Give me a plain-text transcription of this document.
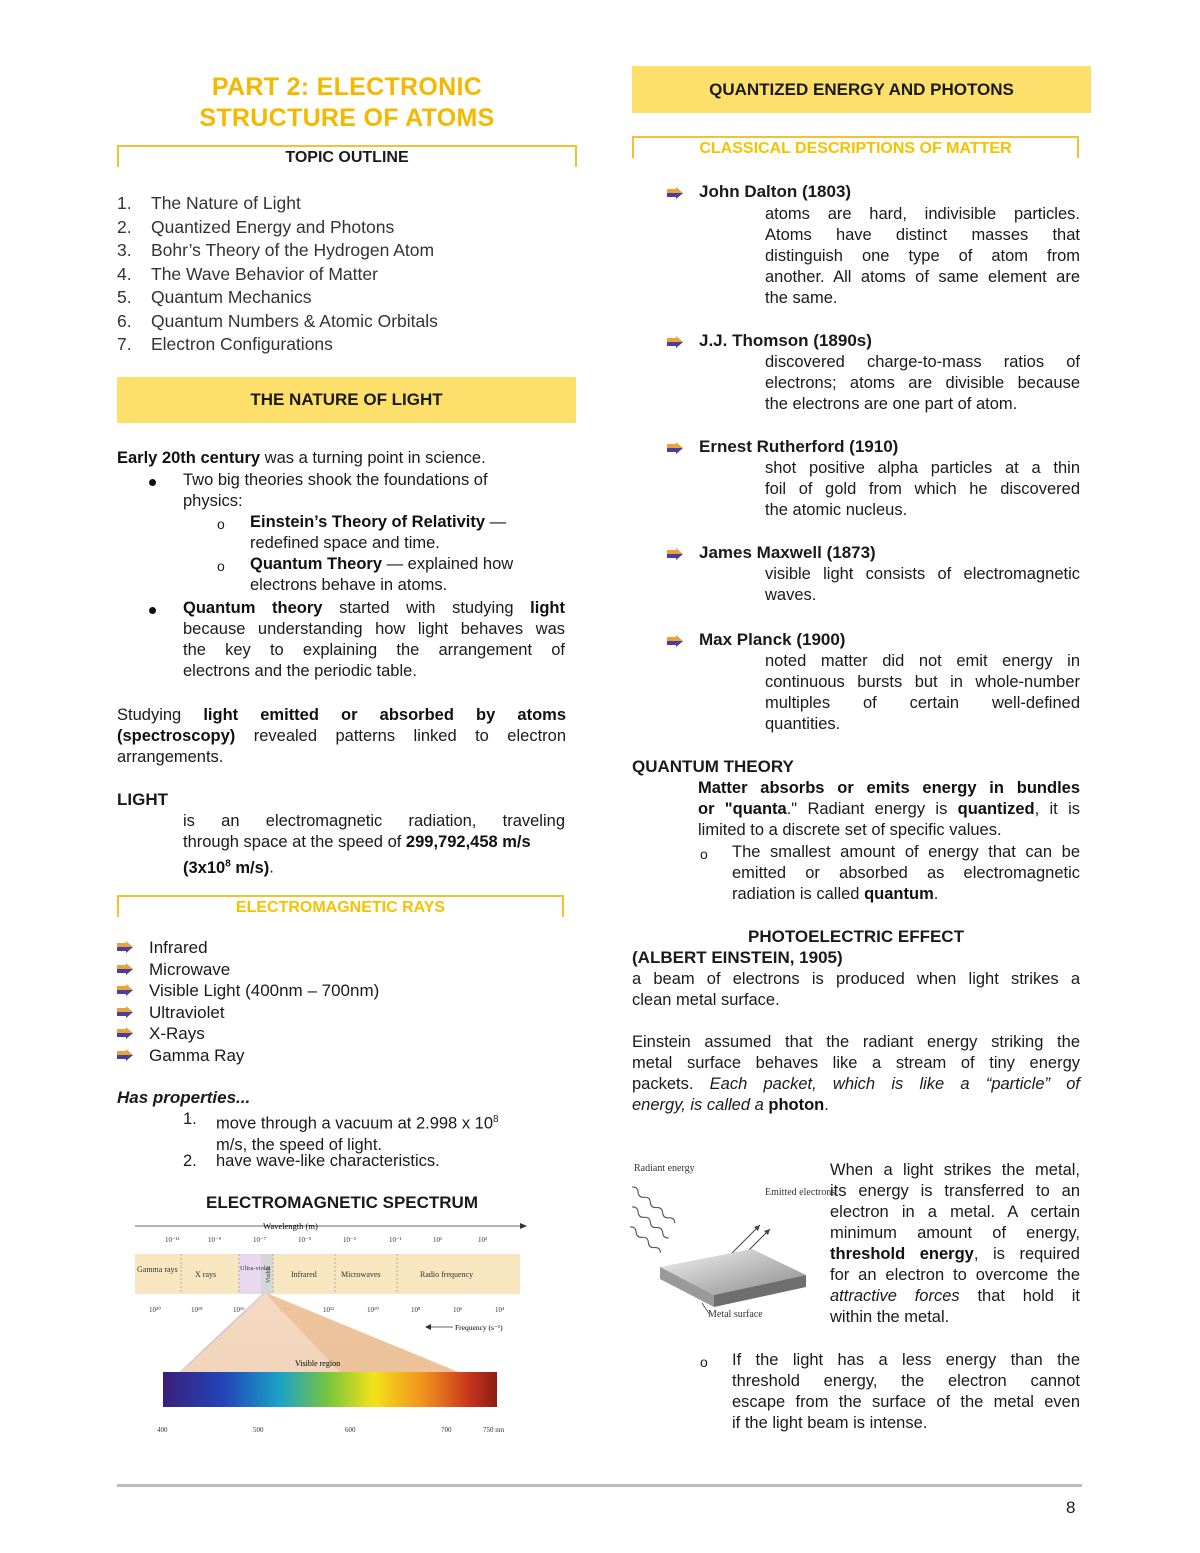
PART 2: ELECTRONIC
STRUCTURE OF ATOMS
TOPIC OUTLINE
1. The Nature of Light
2. Quantized Energy and Photons
3. Bohr’s Theory of the Hydrogen Atom
4. The Wave Behavior of Matter
5. Quantum Mechanics
6. Quantum Numbers & Atomic Orbitals
7. Electron Configurations
THE NATURE OF LIGHT
Early 20th century was a turning point in science.
Two big theories shook the foundations of
physics:
o Einstein’s Theory of Relativity —
redefined space and time.
o Quantum Theory — explained how
electrons behave in atoms.
Quantum theory started with studying light
because understanding how light behaves was
the key to explaining the arrangement of
electrons and the periodic table.
Studying light emitted or absorbed by atoms
(spectroscopy) revealed patterns linked to electron
arrangements.
LIGHT
is an electromagnetic radiation, traveling
through space at the speed of 299,792,458 m/s
($3x10^8$ m/s).
ELECTROMAGNETIC RAYS
Infrared
Microwave
Visible Light (400nm – 700nm)
Ultraviolet
X-Rays
Gamma Ray
Has properties...
1.	move through a vacuum at 2.998 x $10^8$
m/s, the speed of light.
2.	have wave-like characteristics.
ELECTROMAGNETIC SPECTRUM
Wavelength (m)
10⁻¹¹	10⁻⁹	10⁻⁷	10⁻⁵	10⁻³	10⁻¹	10¹	10³
Gamma rays
X rays
Ultra-violet
Visible Infrared	Microwaves	Radio frequency
10²⁰	10¹⁸	10¹⁶	10¹²	10¹⁰	10⁸	10⁶	10⁴
Frequency (s⁻¹)
Visible region
400	500	600	700	750 nm
QUANTIZED ENERGY AND PHOTONS
CLASSICAL DESCRIPTIONS OF MATTER
John Dalton (1803)
atoms are hard, indivisible particles.
Atoms have distinct masses that
distinguish one type of atom from
another. All atoms of same element are
the same.
J.J. Thomson (1890s)
discovered charge-to-mass ratios of
electrons; atoms are divisible because
the electrons are one part of atom.
Ernest Rutherford (1910)
shot positive alpha particles at a thin
foil of gold from which he discovered
the atomic nucleus.
James Maxwell (1873)
visible light consists of electromagnetic
waves.
Max Planck (1900)
noted matter did not emit energy in
continuous bursts but in whole-number
multiples of certain well-defined
quantities.
QUANTUM THEORY
Matter absorbs or emits energy in bundles
or "quanta." Radiant energy is quantized, it is
limited to a discrete set of specific values.
o The smallest amount of energy that can be
emitted or absorbed as electromagnetic
radiation is called quantum.
PHOTOELECTRIC EFFECT
(ALBERT EINSTEIN, 1905)
a beam of electrons is produced when light strikes a
clean metal surface.
Einstein assumed that the radiant energy striking the
metal surface behaves like a stream of tiny energy
packets. Each packet, which is like a “particle” of
energy, is called a photon.
When a light strikes the metal,
its energy is transferred to an
electron in a metal. A certain
minimum amount of energy,
threshold energy, is required
for an electron to overcome the
attractive forces that hold it
within the metal.
o If the light has a less energy than the
threshold energy, the electron cannot
escape from the surface of the metal even
if the light beam is intense.
Radiant energy
Emitted electrons
Metal surface
8
